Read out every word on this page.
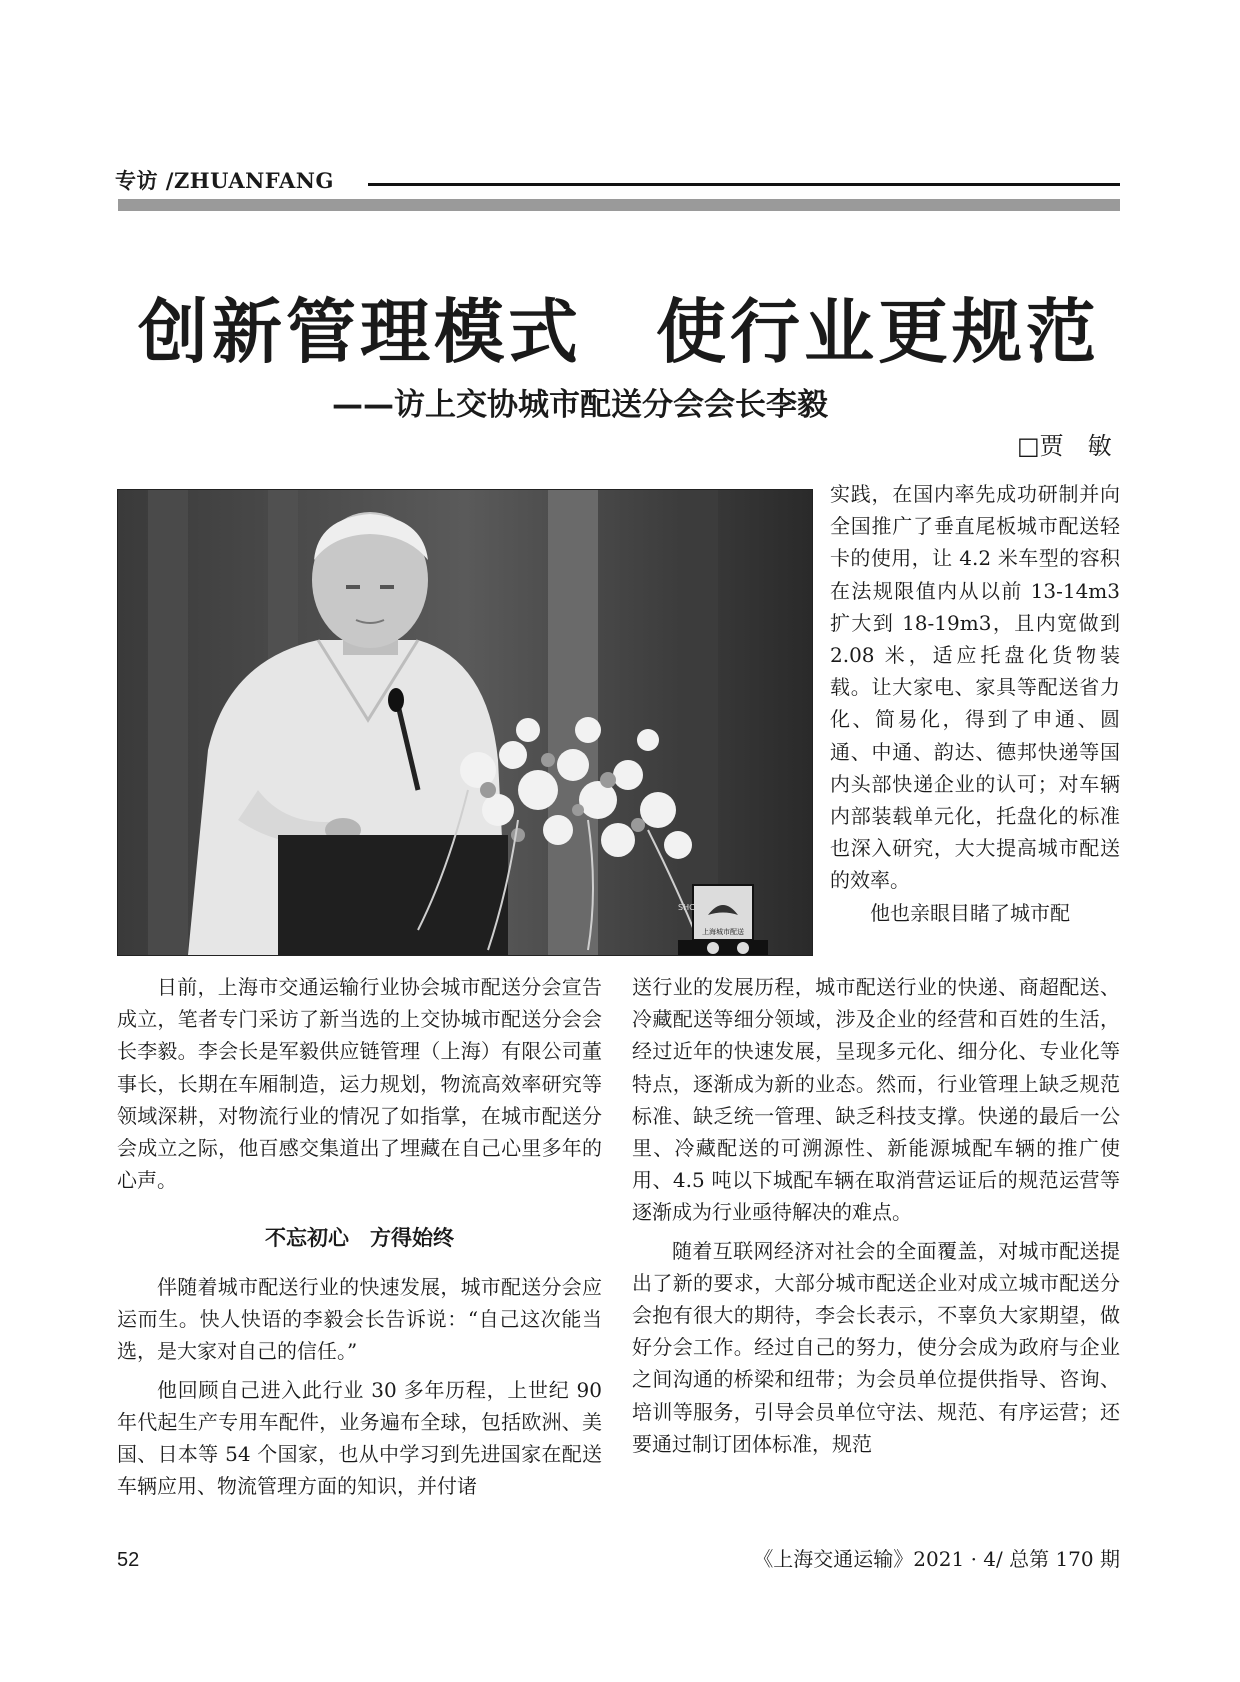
专访 /ZHUANFANG
创新管理模式　使行业更规范
——访上交协城市配送分会会长李毅
□贾　敏
上海城市配送
SHCP

实践，在国内率先成功研制并向全国推广了垂直尾板城市配送轻卡的使用，让 4.2 米车型的容积在法规限值内从以前 13-14m3 扩大到 18-19m3，且内宽做到 2.08 米，适应托盘化货物装载。让大家电、家具等配送省力化、简易化，得到了申通、圆通、中通、韵达、德邦快递等国内头部快递企业的认可；对车辆内部装载单元化，托盘化的标准也深入研究，大大提高城市配送的效率。

他也亲眼目睹了城市配

日前，上海市交通运输行业协会城市配送分会宣告成立，笔者专门采访了新当选的上交协城市配送分会会长李毅。李会长是军毅供应链管理（上海）有限公司董事长，长期在车厢制造，运力规划，物流高效率研究等领域深耕，对物流行业的情况了如指掌，在城市配送分会成立之际，他百感交集道出了埋藏在自己心里多年的心声。

不忘初心　方得始终

伴随着城市配送行业的快速发展，城市配送分会应运而生。快人快语的李毅会长告诉说：“自己这次能当选，是大家对自己的信任。”

他回顾自己进入此行业 30 多年历程，上世纪 90 年代起生产专用车配件，业务遍布全球，包括欧洲、美国、日本等 54 个国家，也从中学习到先进国家在配送车辆应用、物流管理方面的知识，并付诸

送行业的发展历程，城市配送行业的快递、商超配送、冷藏配送等细分领域，涉及企业的经营和百姓的生活，经过近年的快速发展，呈现多元化、细分化、专业化等特点，逐渐成为新的业态。然而，行业管理上缺乏规范标准、缺乏统一管理、缺乏科技支撑。快递的最后一公里、冷藏配送的可溯源性、新能源城配车辆的推广使用、4.5 吨以下城配车辆在取消营运证后的规范运营等逐渐成为行业亟待解决的难点。

随着互联网经济对社会的全面覆盖，对城市配送提出了新的要求，大部分城市配送企业对成立城市配送分会抱有很大的期待，李会长表示，不辜负大家期望，做好分会工作。经过自己的努力，使分会成为政府与企业之间沟通的桥梁和纽带；为会员单位提供指导、咨询、培训等服务，引导会员单位守法、规范、有序运营；还要通过制订团体标准，规范

52	《上海交通运输》2021 · 4/ 总第 170 期
